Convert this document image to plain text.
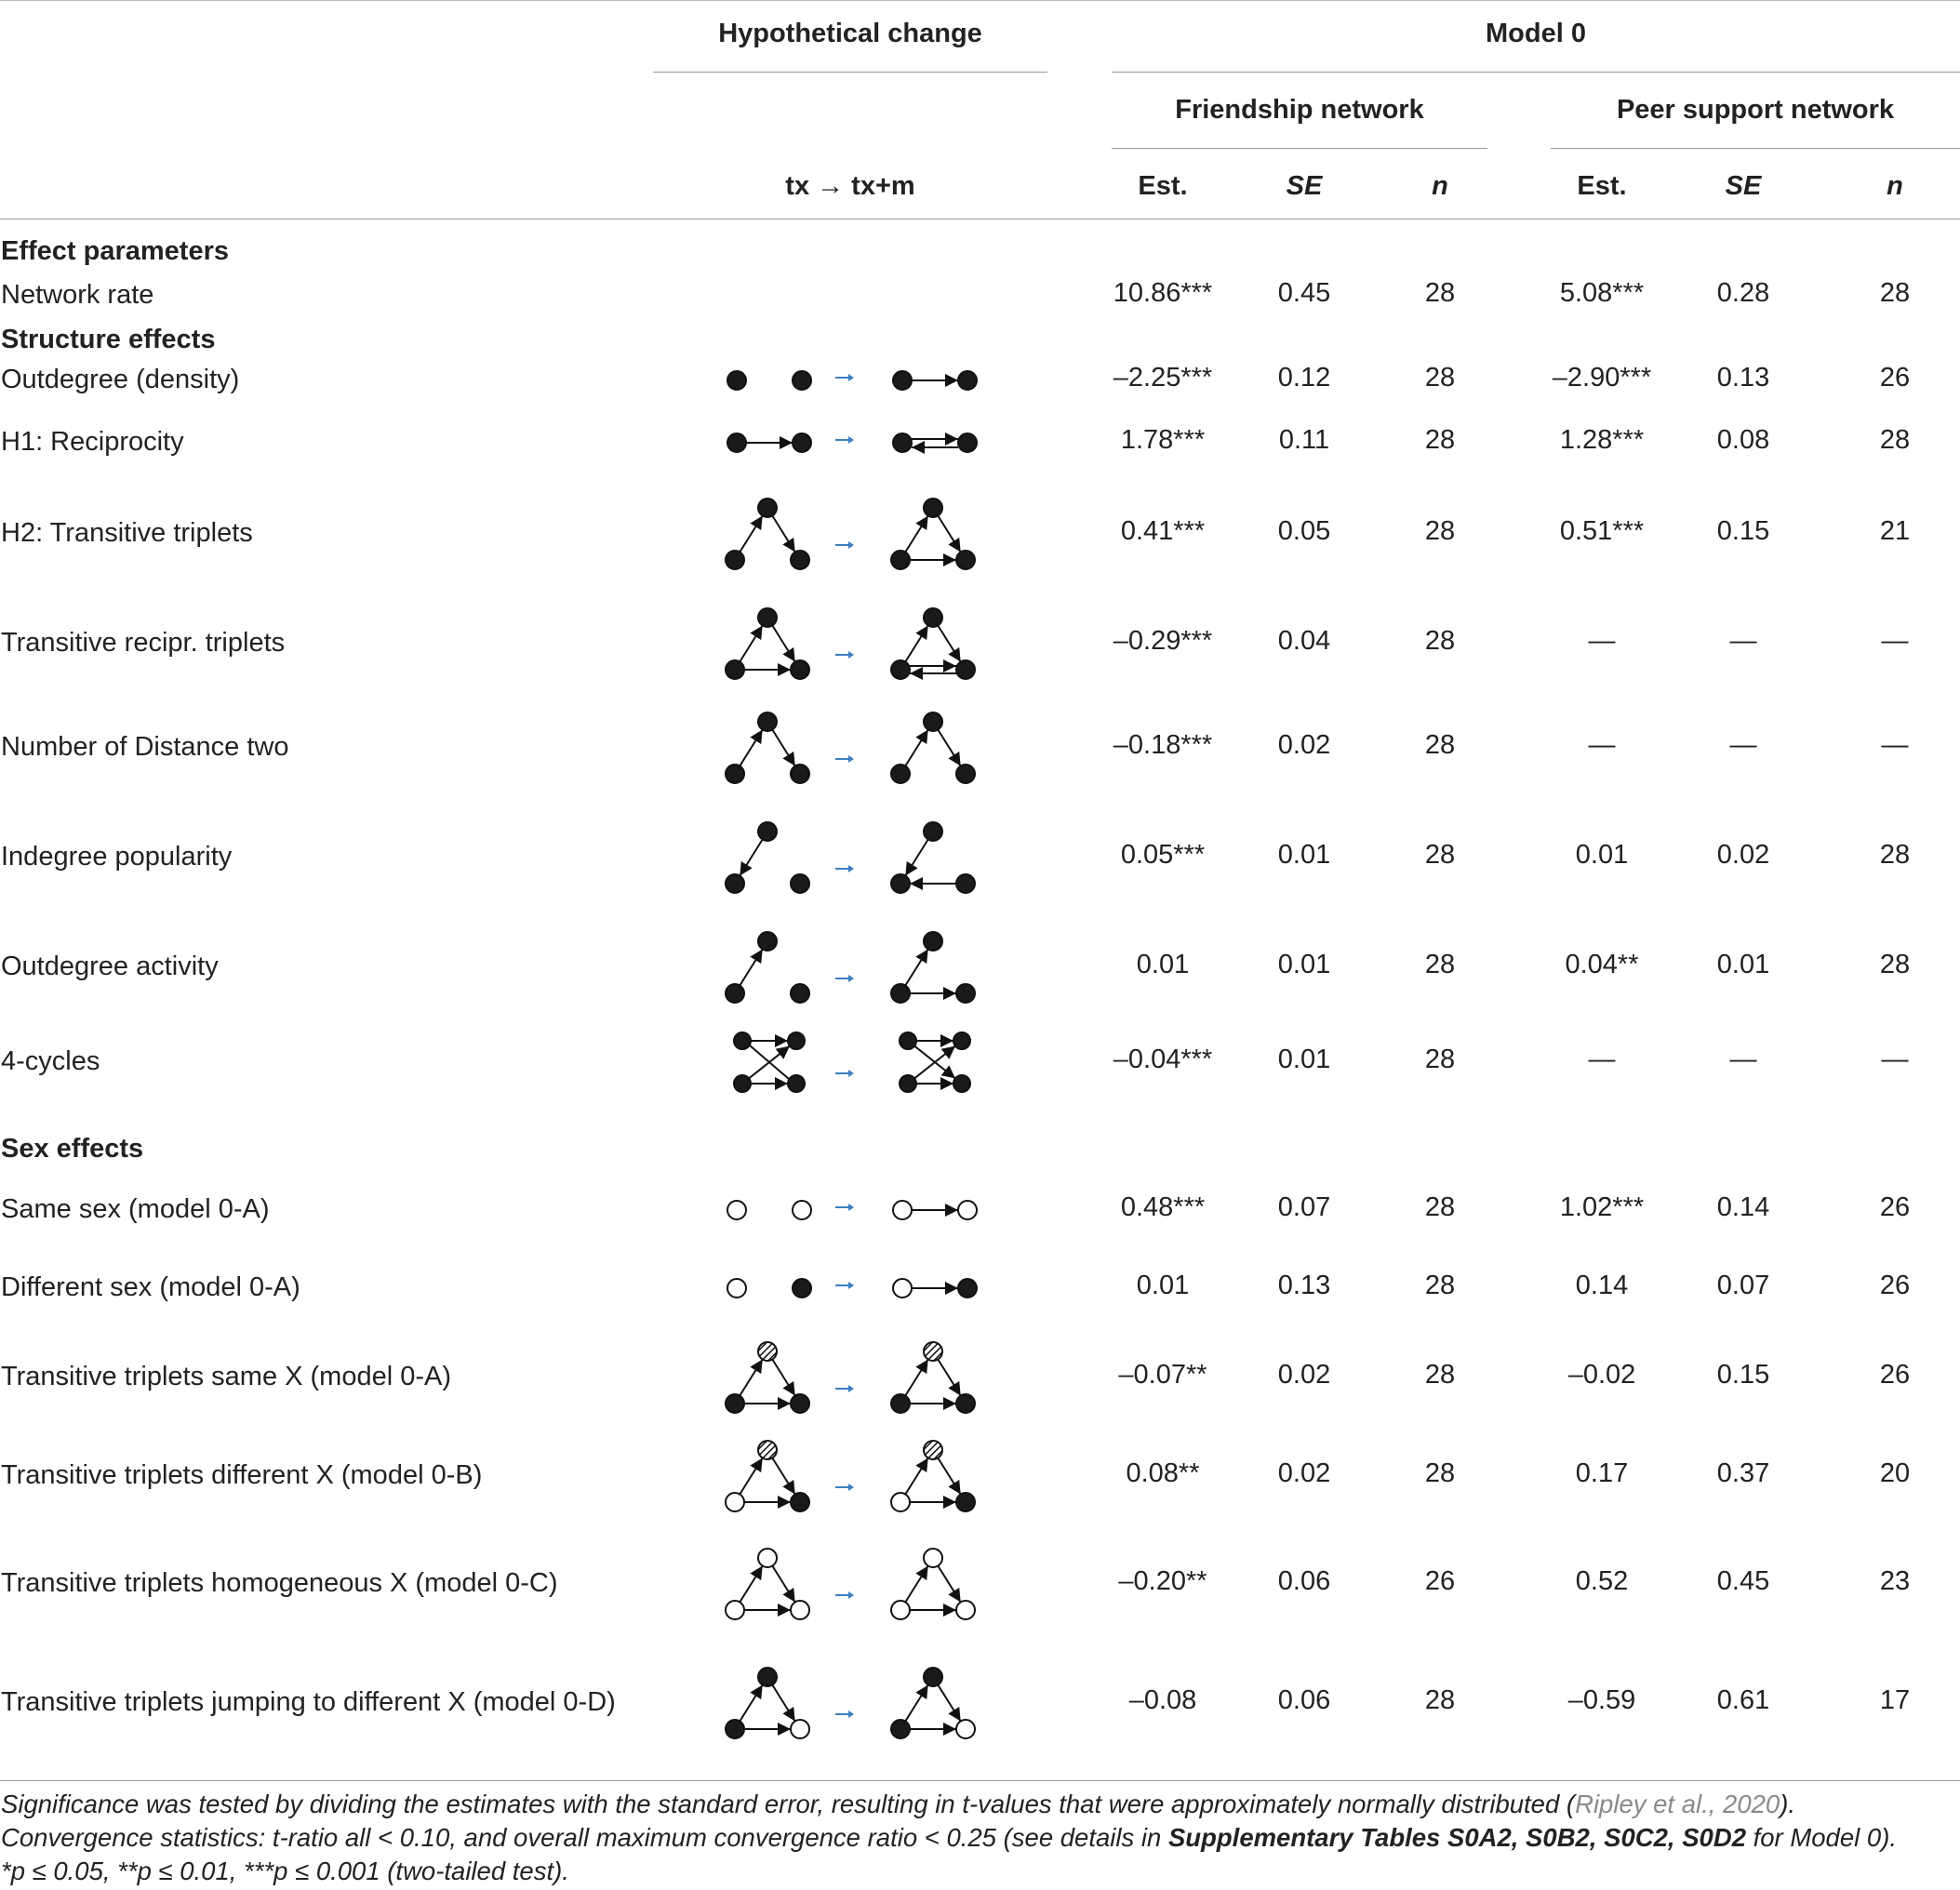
Hypothetical change	Model 0
Friendship network	Peer support network
tx → tx+m	Est.	SE	n	Est.	SE	n
Effect parameters
Network rate	10.86***	0.45	28	5.08***	0.28	28
Structure effects
Outdegree (density)	–2.25***	0.12	28	–2.90***	0.13	26
H1: Reciprocity	1.78***	0.11	28	1.28***	0.08	28
H2: Transitive triplets	0.41***	0.05	28	0.51***	0.15	21
Transitive recipr. triplets	–0.29***	0.04	28	—	—	—
Number of Distance two	–0.18***	0.02	28	—	—	—
Indegree popularity	0.05***	0.01	28	0.01	0.02	28
Outdegree activity	0.01	0.01	28	0.04**	0.01	28
4-cycles	–0.04***	0.01	28	—	—	—
Sex effects
Same sex (model 0-A)	0.48***	0.07	28	1.02***	0.14	26
Different sex (model 0-A)	0.01	0.13	28	0.14	0.07	26
Transitive triplets same X (model 0-A)	–0.07**	0.02	28	–0.02	0.15	26
Transitive triplets different X (model 0-B)	0.08**	0.02	28	0.17	0.37	20
Transitive triplets homogeneous X (model 0-C)	–0.20**	0.06	26	0.52	0.45	23
Transitive triplets jumping to different X (model 0-D)	–0.08	0.06	28	–0.59	0.61	17

Significance was tested by dividing the estimates with the standard error, resulting in t-values that were approximately normally distributed (Ripley et al., 2020).

Convergence statistics: t-ratio all < 0.10, and overall maximum convergence ratio < 0.25 (see details in Supplementary Tables S0A2, S0B2, S0C2, S0D2 for Model 0).

*p ≤ 0.05, **p ≤ 0.01, ***p ≤ 0.001 (two-tailed test).
